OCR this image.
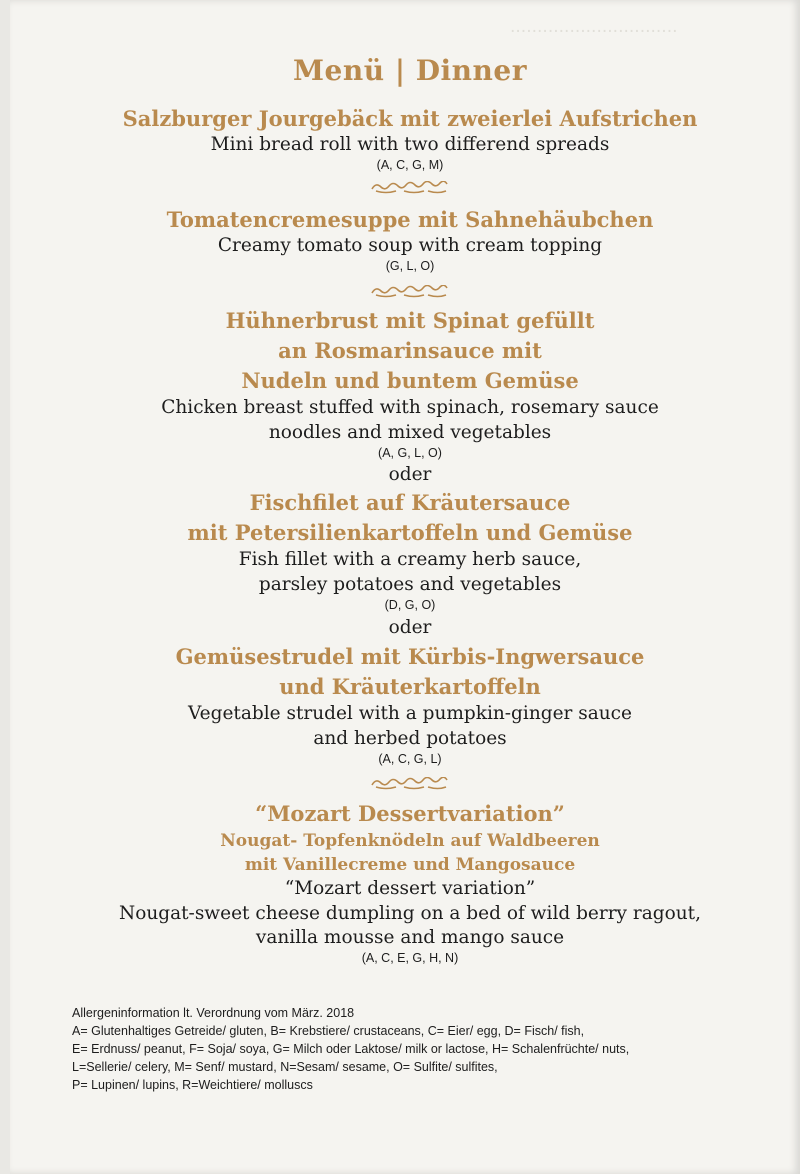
·······························
Menü | Dinner
Salzburger Jourgebäck mit zweierlei Aufstrichen
Mini bread roll with two differend spreads
(A, C, G, M)
Tomatencremesuppe mit Sahnehäubchen
Creamy tomato soup with cream topping
(G, L, O)
Hühnerbrust mit Spinat gefüllt
an Rosmarinsauce mit
Nudeln und buntem Gemüse
Chicken breast stuffed with spinach, rosemary sauce
noodles and mixed vegetables
(A, G, L, O)
oder
Fischfilet auf Kräutersauce
mit Petersilienkartoffeln und Gemüse
Fish fillet with a creamy herb sauce,
parsley potatoes and vegetables
(D, G, O)
oder
Gemüsestrudel mit Kürbis-Ingwersauce
und Kräuterkartoffeln
Vegetable strudel with a pumpkin-ginger sauce
and herbed potatoes
(A, C, G, L)
“Mozart Dessertvariation”
Nougat- Topfenknödeln auf Waldbeeren
mit Vanillecreme und Mangosauce
“Mozart dessert variation”
Nougat-sweet cheese dumpling on a bed of wild berry ragout,
vanilla mousse and mango sauce
(A, C, E, G, H, N)
Allergeninformation lt. Verordnung vom März. 2018
A= Glutenhaltiges Getreide/ gluten, B= Krebstiere/ crustaceans, C= Eier/ egg, D= Fisch/ fish,
E= Erdnuss/ peanut, F= Soja/ soya, G= Milch oder Laktose/ milk or lactose, H= Schalenfrüchte/ nuts,
L=Sellerie/ celery, M= Senf/ mustard, N=Sesam/ sesame, O= Sulfite/ sulfites,
P= Lupinen/ lupins, R=Weichtiere/ molluscs
